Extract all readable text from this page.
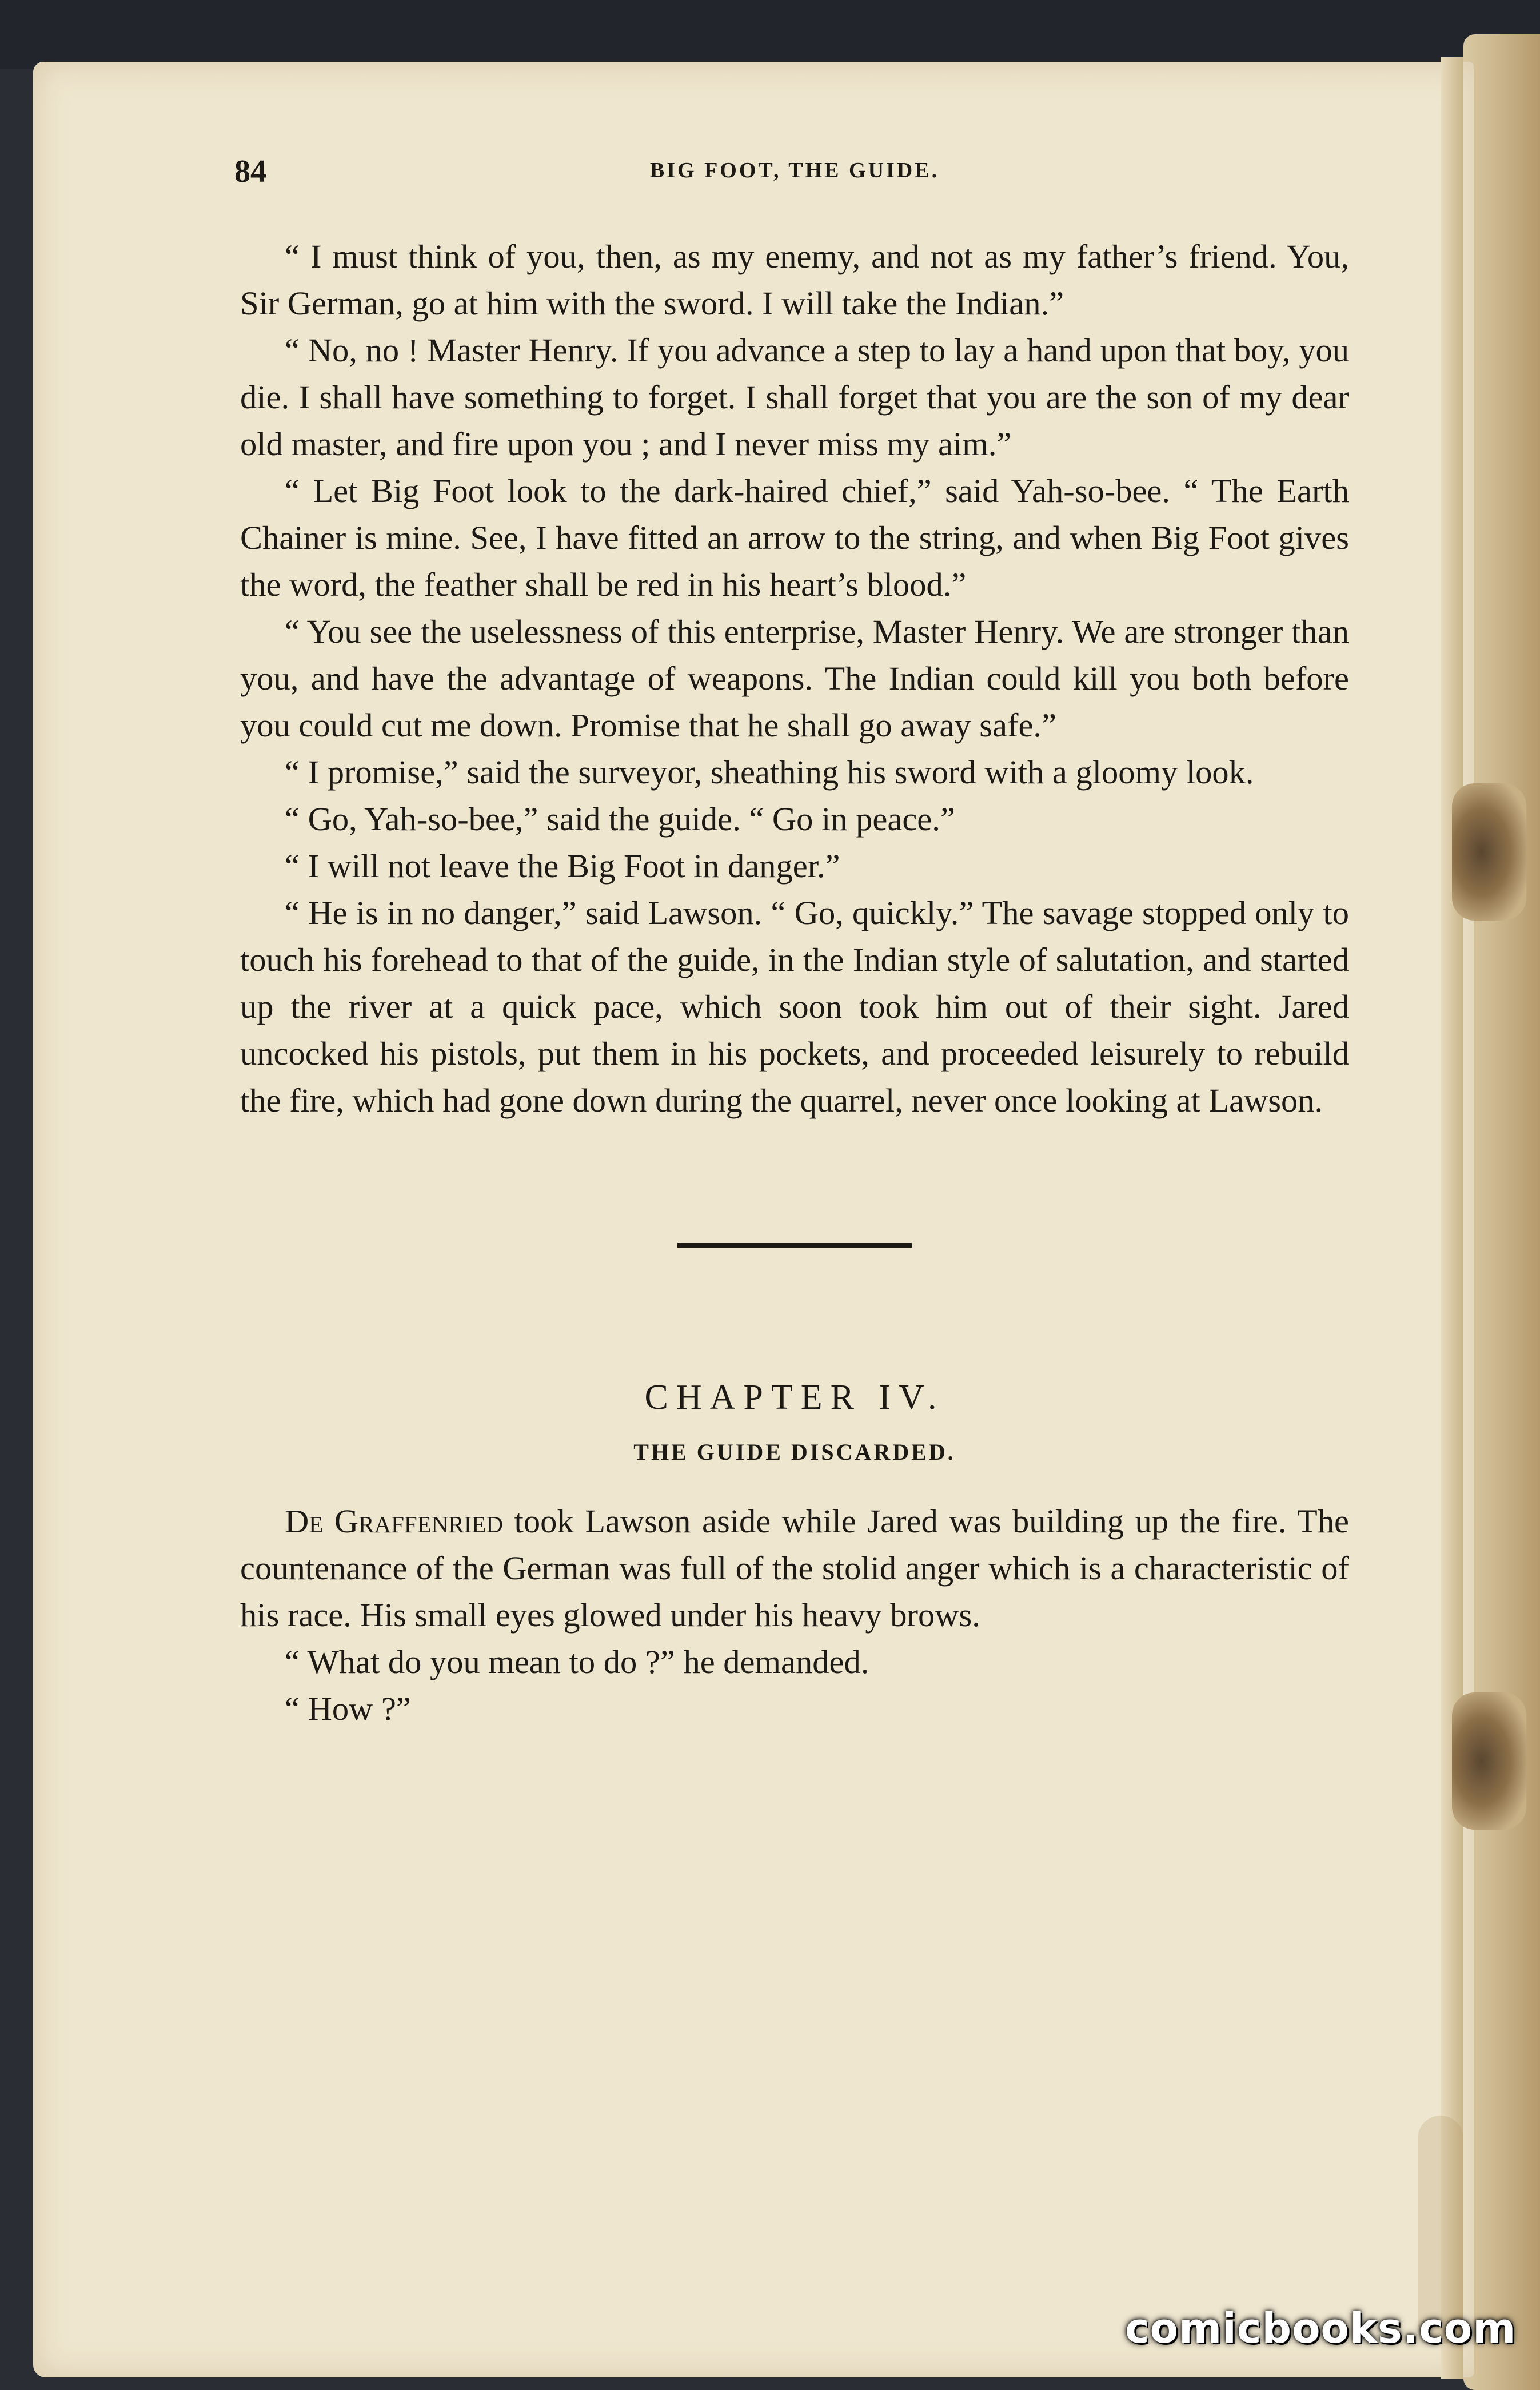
84	BIG FOOT, THE GUIDE.

“ I must think of you, then, as my enemy, and not as my father’s friend. You, Sir German, go at him with the sword. I will take the Indian.”

“ No, no ! Master Henry. If you advance a step to lay a hand upon that boy, you die. I shall have something to forget. I shall forget that you are the son of my dear old master, and fire upon you ; and I never miss my aim.”

“ Let Big Foot look to the dark-haired chief,” said Yah-so-bee. “ The Earth Chainer is mine. See, I have fitted an arrow to the string, and when Big Foot gives the word, the feather shall be red in his heart’s blood.”

“ You see the uselessness of this enterprise, Master Henry. We are stronger than you, and have the advantage of weapons. The Indian could kill you both before you could cut me down. Promise that he shall go away safe.”

“ I promise,” said the surveyor, sheathing his sword with a gloomy look.

“ Go, Yah-so-bee,” said the guide. “ Go in peace.”

“ I will not leave the Big Foot in danger.”

“ He is in no danger,” said Lawson. “ Go, quickly.” The savage stopped only to touch his forehead to that of the guide, in the Indian style of salutation, and started up the river at a quick pace, which soon took him out of their sight. Jared uncocked his pistols, put them in his pockets, and proceeded leisurely to rebuild the fire, which had gone down during the quarrel, never once looking at Lawson.

CHAPTER IV.
THE GUIDE DISCARDED.

De Graffenried took Lawson aside while Jared was building up the fire. The countenance of the German was full of the stolid anger which is a characteristic of his race. His small eyes glowed under his heavy brows.

“ What do you mean to do ?” he demanded.

“ How ?”

comicbooks.com
